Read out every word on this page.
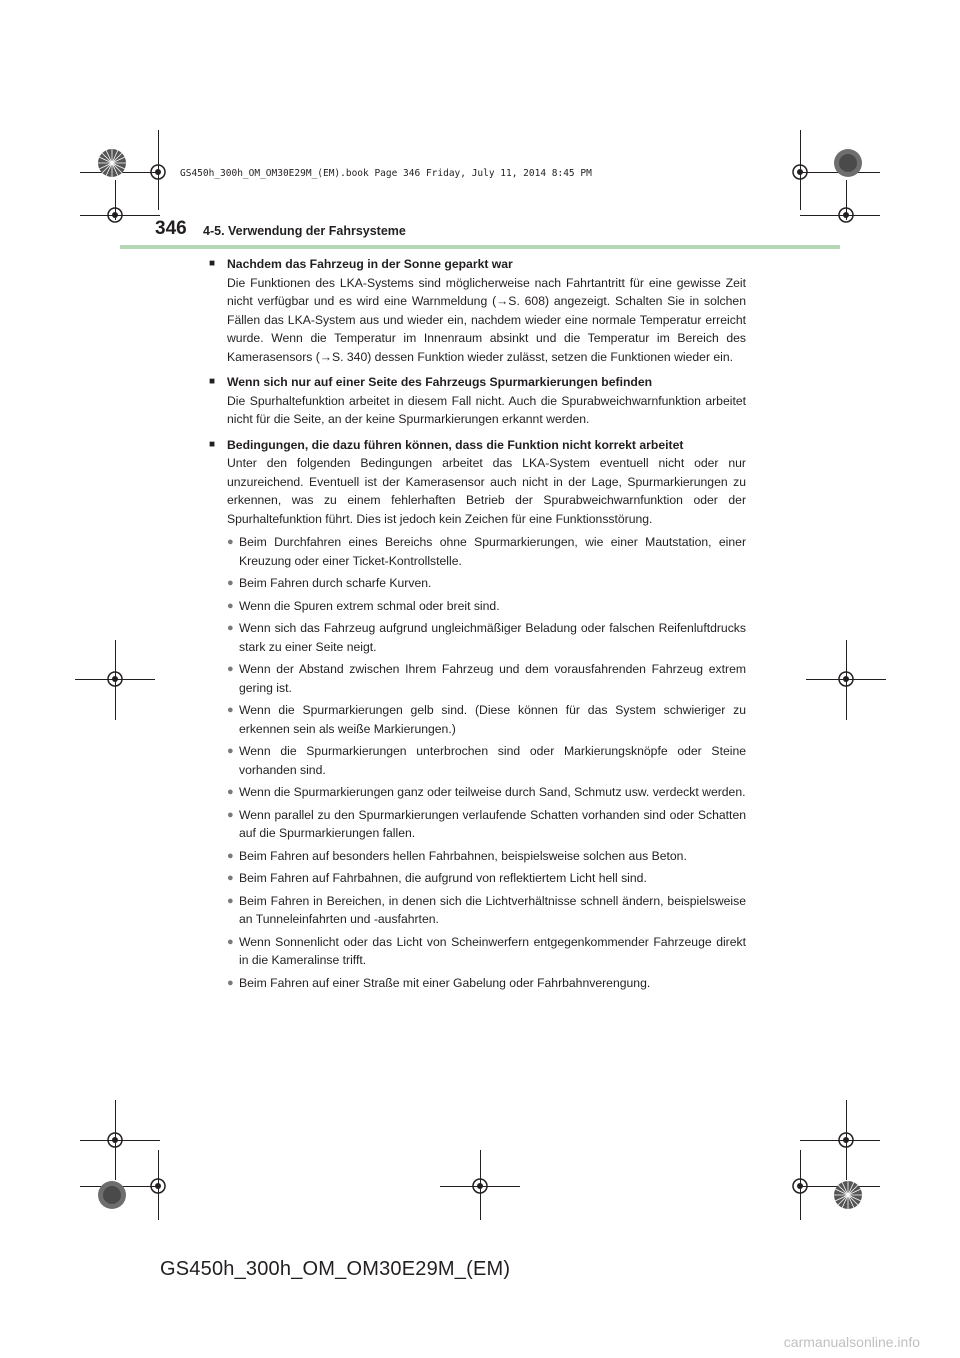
GS450h_300h_OM_OM30E29M_(EM).book Page 346 Friday, July 11, 2014 8:45 PM
346 4-5. Verwendung der Fahrsysteme
■ Nachdem das Fahrzeug in der Sonne geparkt war
Die Funktionen des LKA-Systems sind möglicherweise nach Fahrtantritt für eine gewisse Zeit nicht verfügbar und es wird eine Warnmeldung (→S. 608) angezeigt. Schalten Sie in solchen Fällen das LKA-System aus und wieder ein, nachdem wieder eine normale Temperatur erreicht wurde. Wenn die Temperatur im Innenraum absinkt und die Temperatur im Bereich des Kamerasensors (→S. 340) dessen Funktion wieder zulässt, setzen die Funktionen wieder ein.
■ Wenn sich nur auf einer Seite des Fahrzeugs Spurmarkierungen befinden
Die Spurhaltefunktion arbeitet in diesem Fall nicht. Auch die Spurabweichwarnfunktion arbeitet nicht für die Seite, an der keine Spurmarkierungen erkannt werden.
■ Bedingungen, die dazu führen können, dass die Funktion nicht korrekt arbeitet
Unter den folgenden Bedingungen arbeitet das LKA-System eventuell nicht oder nur unzureichend. Eventuell ist der Kamerasensor auch nicht in der Lage, Spurmarkierungen zu erkennen, was zu einem fehlerhaften Betrieb der Spurabweichwarnfunktion oder der Spurhaltefunktion führt. Dies ist jedoch kein Zeichen für eine Funktionsstörung.
● Beim Durchfahren eines Bereichs ohne Spurmarkierungen, wie einer Mautstation, einer Kreuzung oder einer Ticket-Kontrollstelle.
● Beim Fahren durch scharfe Kurven.
● Wenn die Spuren extrem schmal oder breit sind.
● Wenn sich das Fahrzeug aufgrund ungleichmäßiger Beladung oder falschen Reifenluftdrucks stark zu einer Seite neigt.
● Wenn der Abstand zwischen Ihrem Fahrzeug und dem vorausfahrenden Fahrzeug extrem gering ist.
● Wenn die Spurmarkierungen gelb sind. (Diese können für das System schwieriger zu erkennen sein als weiße Markierungen.)
● Wenn die Spurmarkierungen unterbrochen sind oder Markierungsknöpfe oder Steine vorhanden sind.
● Wenn die Spurmarkierungen ganz oder teilweise durch Sand, Schmutz usw. verdeckt werden.
● Wenn parallel zu den Spurmarkierungen verlaufende Schatten vorhanden sind oder Schatten auf die Spurmarkierungen fallen.
● Beim Fahren auf besonders hellen Fahrbahnen, beispielsweise solchen aus Beton.
● Beim Fahren auf Fahrbahnen, die aufgrund von reflektiertem Licht hell sind.
● Beim Fahren in Bereichen, in denen sich die Lichtverhältnisse schnell ändern, beispielsweise an Tunneleinfahrten und -ausfahrten.
● Wenn Sonnenlicht oder das Licht von Scheinwerfern entgegenkommender Fahrzeuge direkt in die Kameralinse trifft.
● Beim Fahren auf einer Straße mit einer Gabelung oder Fahrbahnverengung.
GS450h_300h_OM_OM30E29M_(EM)
carmanualsonline.info
